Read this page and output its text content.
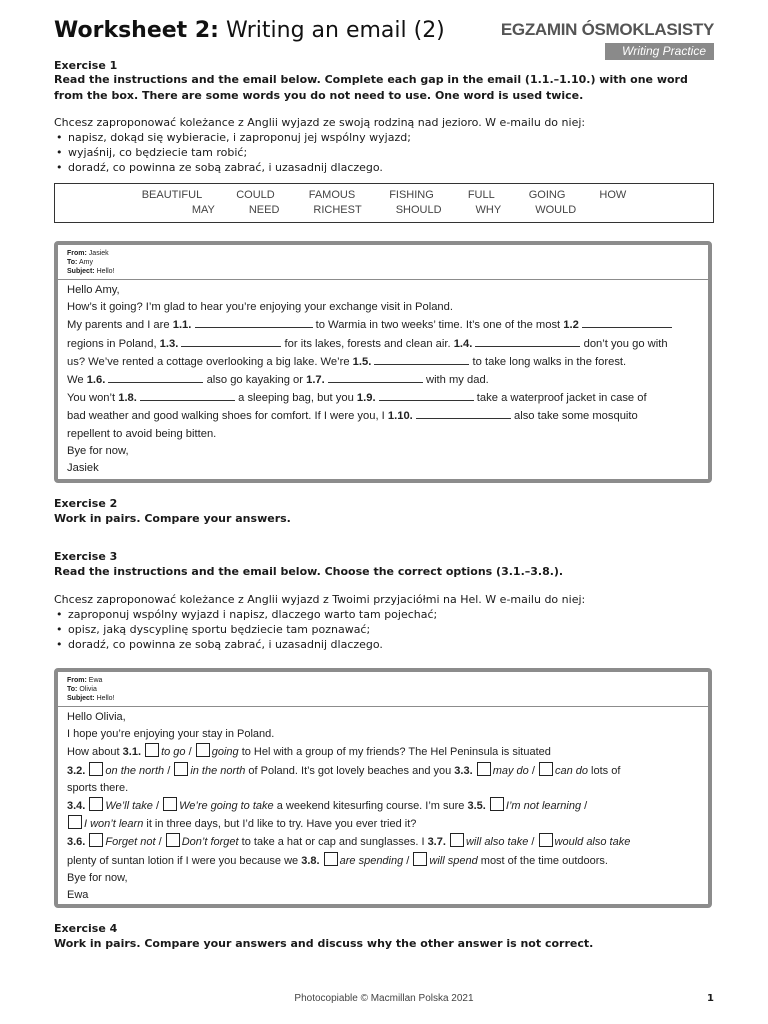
Worksheet 2: Writing an email (2)	EGZAMIN ÓSMOKLASISTY
Writing Practice
Exercise 1
Read the instructions and the email below. Complete each gap in the email (1.1.–1.10.) with one word from the box. There are some words you do not need to use. One word is used twice.
Chcesz zaproponować koleżance z Anglii wyjazd ze swoją rodziną nad jezioro. W e-mailu do niej:
• napisz, dokąd się wybieracie, i zaproponuj jej wspólny wyjazd;
• wyjaśnij, co będziecie tam robić;
• doradź, co powinna ze sobą zabrać, i uzasadnij dlaczego.
BEAUTIFUL	COULD	FAMOUS	FISHING	FULL	GOING	HOW
MAY	NEED	RICHEST	SHOULD	WHY	WOULD
From: Jasiek
To: Amy
Subject: Hello!
Hello Amy,
How’s it going? I’m glad to hear you’re enjoying your exchange visit in Poland.
My parents and I are 1.1.	to Warmia in two weeks’ time. It’s one of the most 1.2
regions in Poland, 1.3.	for its lakes, forests and clean air. 1.4.	don’t you go with
us? We’ve rented a cottage overlooking a big lake. We’re 1.5.	to take long walks in the forest.
We 1.6.	also go kayaking or 1.7.	with my dad.
You won’t 1.8.	a sleeping bag, but you 1.9.	take a waterproof jacket in case of
bad weather and good walking shoes for comfort. If I were you, I 1.10.	also take some mosquito
repellent to avoid being bitten.
Bye for now,
Jasiek
Exercise 2
Work in pairs. Compare your answers.
Exercise 3
Read the instructions and the email below. Choose the correct options (3.1.–3.8.).
Chcesz zaproponować koleżance z Anglii wyjazd z Twoimi przyjaciółmi na Hel. W e-mailu do niej:
• zaproponuj wspólny wyjazd i napisz, dlaczego warto tam pojechać;
• opisz, jaką dyscyplinę sportu będziecie tam poznawać;
• doradź, co powinna ze sobą zabrać, i uzasadnij dlaczego.
From: Ewa
To: Olivia
Subject: Hello!
Hello Olivia,
I hope you’re enjoying your stay in Poland.
How about 3.1. to go / going to Hel with a group of my friends? The Hel Peninsula is situated
3.2. on the north / in the north of Poland. It’s got lovely beaches and you 3.3. may do / can do lots of
sports there.
3.4. We’ll take / We’re going to take a weekend kitesurfing course. I’m sure 3.5. I’m not learning /
I won’t learn it in three days, but I’d like to try. Have you ever tried it?
3.6. Forget not / Don’t forget to take a hat or cap and sunglasses. I 3.7. will also take / would also take
plenty of suntan lotion if I were you because we 3.8. are spending / will spend most of the time outdoors.
Bye for now,
Ewa
Exercise 4
Work in pairs. Compare your answers and discuss why the other answer is not correct.
Photocopiable © Macmillan Polska 2021	1
